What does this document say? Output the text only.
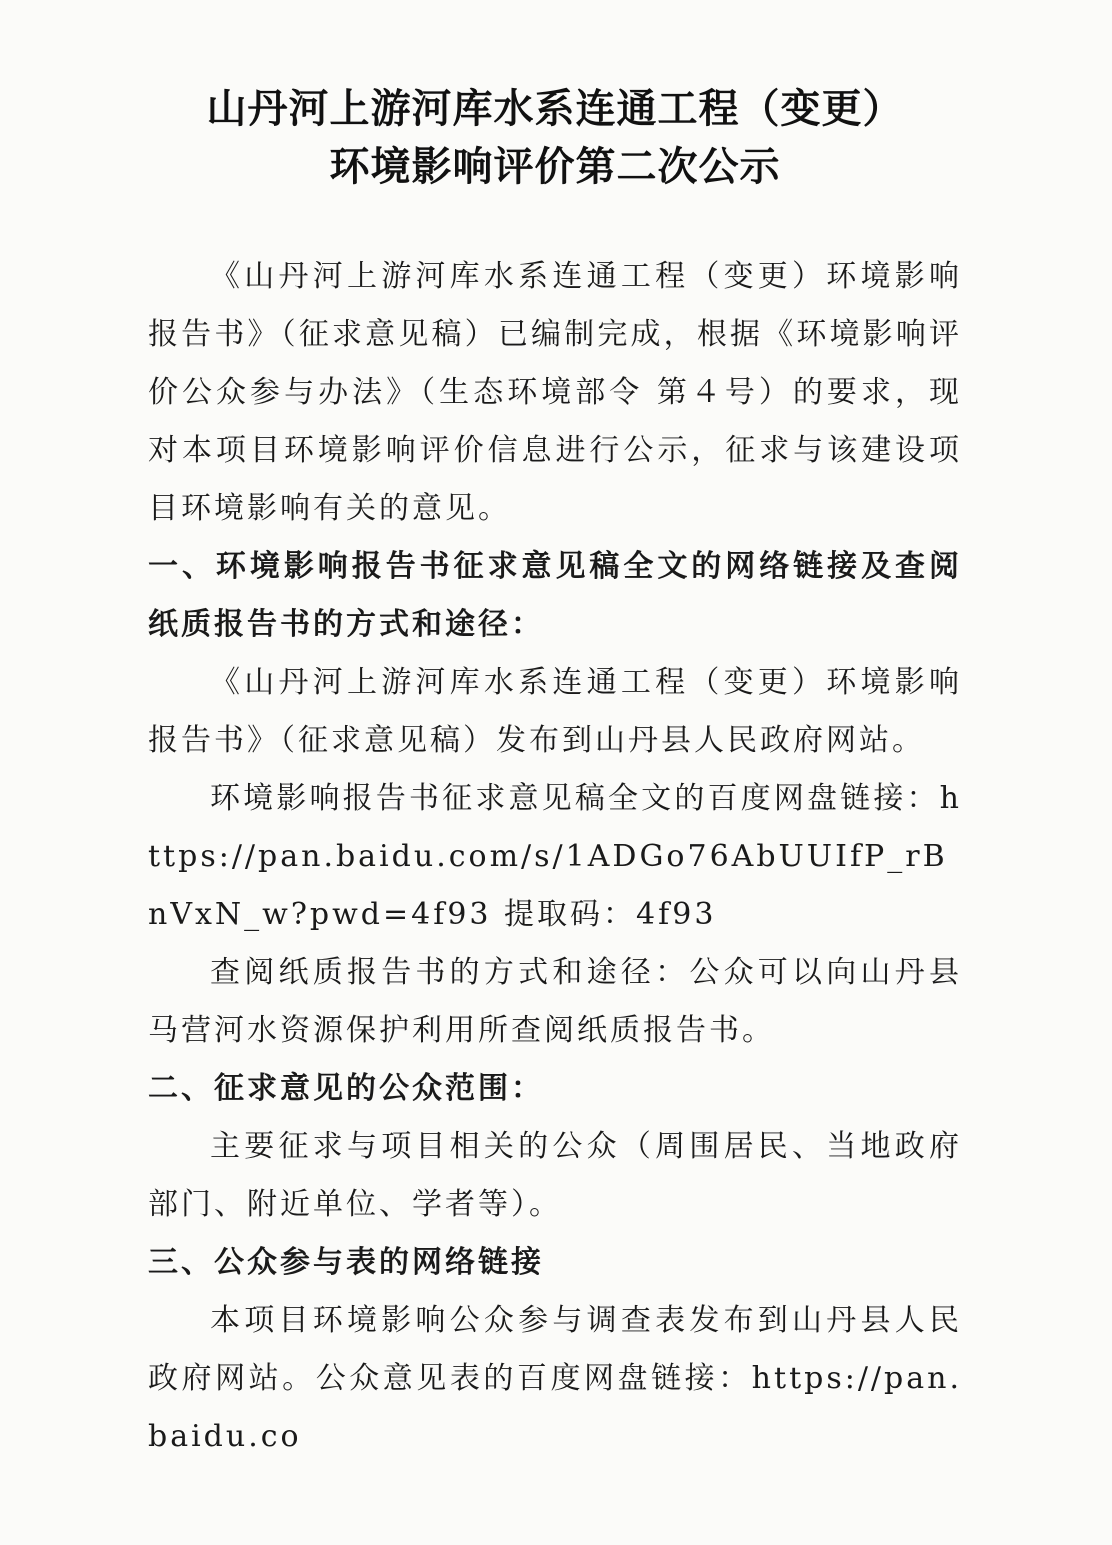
山丹河上游河库水系连通工程（变更）
环境影响评价第二次公示

《山丹河上游河库水系连通工程（变更）环境影响报告书》（征求意见稿）已编制完成，根据《环境影响评价公众参与办法》（生态环境部令 第４号）的要求，现对本项目环境影响评价信息进行公示，征求与该建设项目环境影响有关的意见。

一、环境影响报告书征求意见稿全文的网络链接及查阅纸质报告书的方式和途径：

《山丹河上游河库水系连通工程（变更）环境影响报告书》（征求意见稿）发布到山丹县人民政府网站。

环境影响报告书征求意见稿全文的百度网盘链接：https://pan.baidu.com/s/1ADGo76AbUUIfP_rBnVxN_w?pwd=4f93 提取码：4f93

查阅纸质报告书的方式和途径：公众可以向山丹县马营河水资源保护利用所查阅纸质报告书。

二、征求意见的公众范围：

主要征求与项目相关的公众（周围居民、当地政府部门、附近单位、学者等）。

三、公众参与表的网络链接

本项目环境影响公众参与调查表发布到山丹县人民政府网站。公众意见表的百度网盘链接：https://pan.baidu.co
